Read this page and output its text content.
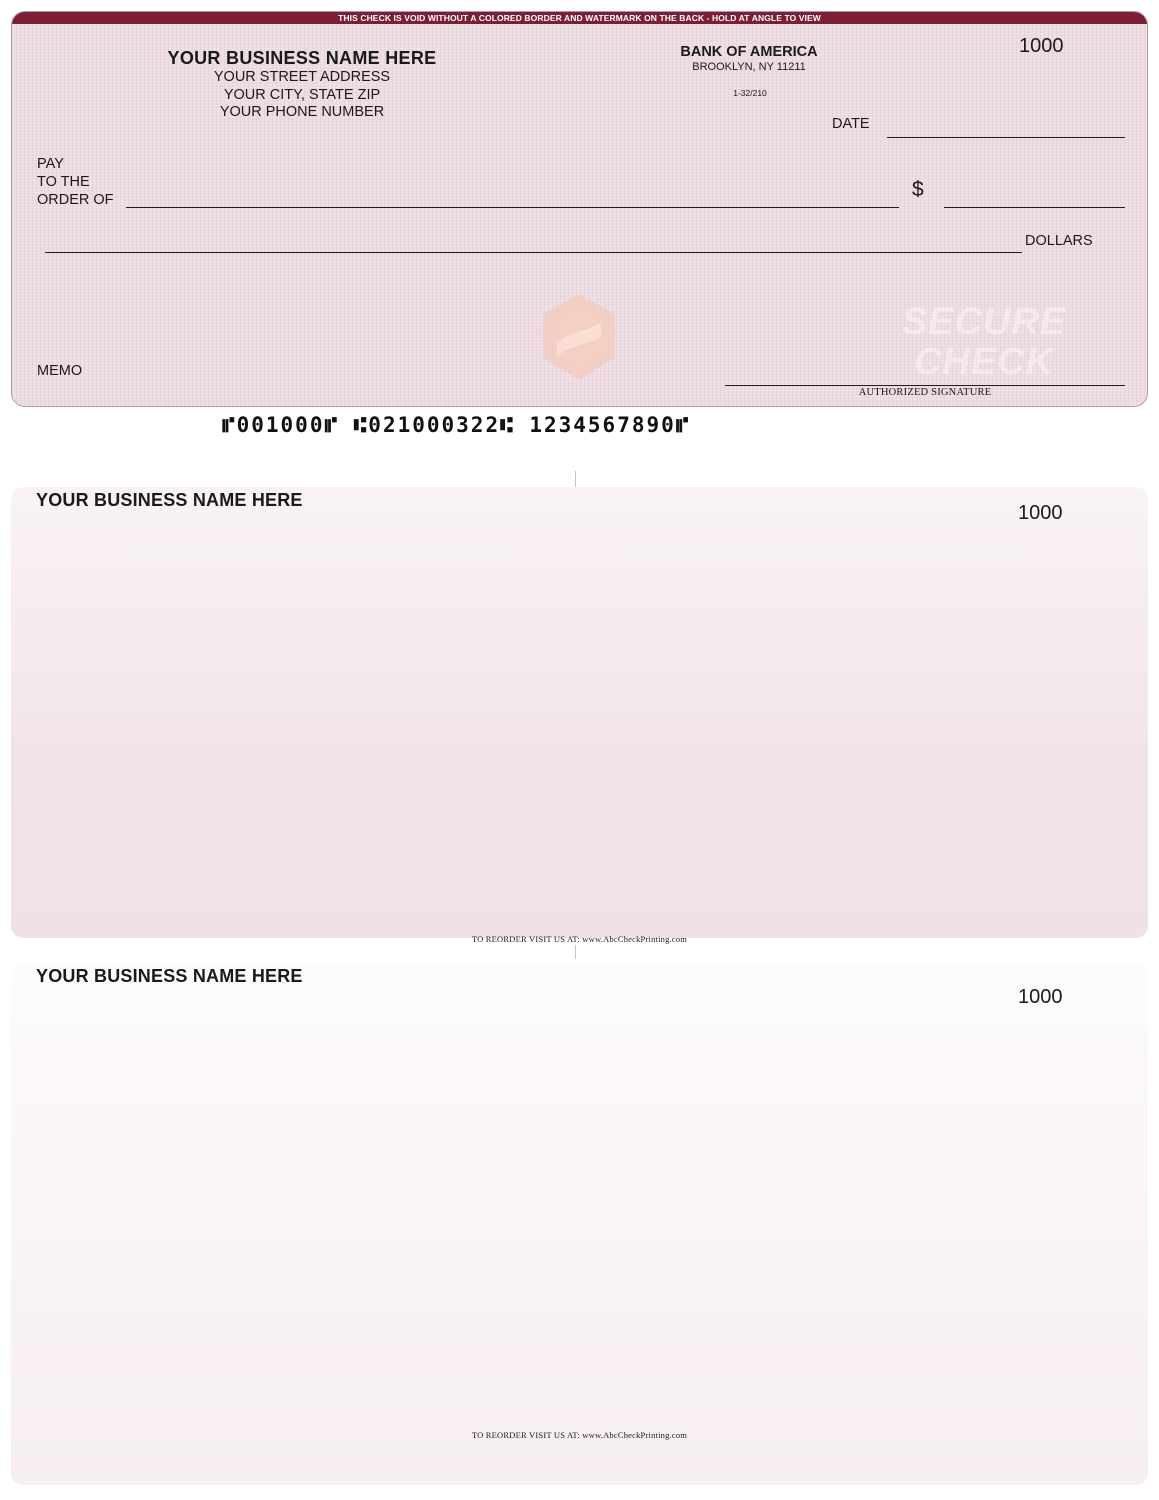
THIS CHECK IS VOID WITHOUT A COLORED BORDER AND WATERMARK ON THE BACK - HOLD AT ANGLE TO VIEW
YOUR BUSINESS NAME HERE
YOUR STREET ADDRESS
YOUR CITY, STATE ZIP
YOUR PHONE NUMBER
BANK OF AMERICA
BROOKLYN, NY 11211
1-32/210
1000
DATE
PAY
TO THE
ORDER OF	$
DOLLARS
SECURE
CHECK
MEMO
AUTHORIZED SIGNATURE
⑈001000⑈ ⑆021000322⑆ 1234567890⑈
YOUR BUSINESS NAME HERE
1000
TO REORDER VISIT US AT: www.AbcCheckPrinting.com
YOUR BUSINESS NAME HERE
1000
TO REORDER VISIT US AT: www.AbcCheckPrinting.com
